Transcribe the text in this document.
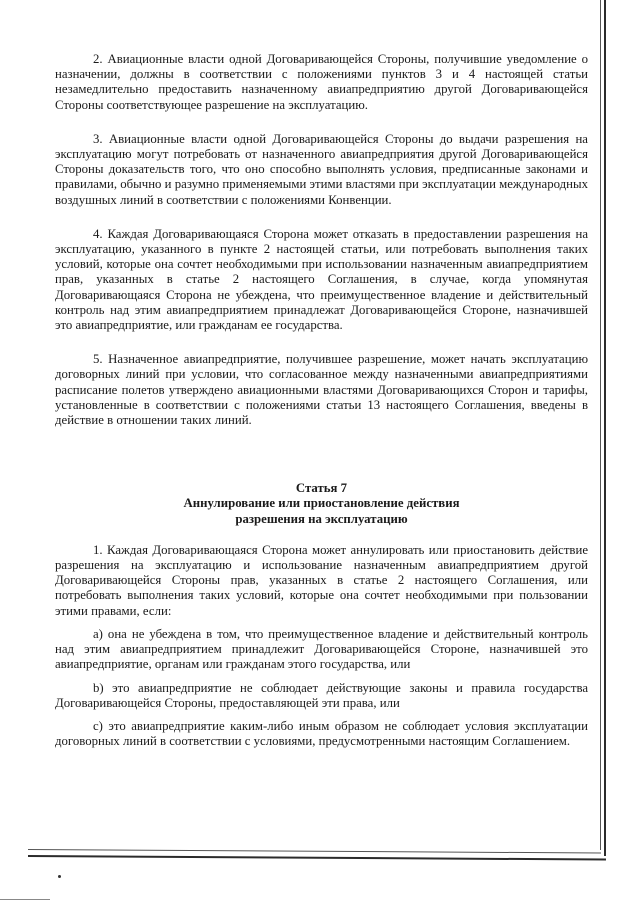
2. Авиационные власти одной Договаривающейся Стороны, получившие уведомление о назначении, должны в соответствии с положениями пунктов 3 и 4 настоящей статьи незамедлительно предоставить назначенному авиапредприятию другой Договаривающейся Стороны соответствующее разрешение на эксплуатацию.

3. Авиационные власти одной Договаривающейся Стороны до выдачи разрешения на эксплуатацию могут потребовать от назначенного авиапредприятия другой Договаривающейся Стороны доказательств того, что оно способно выполнять условия, предписанные законами и правилами, обычно и разумно применяемыми этими властями при эксплуатации международных воздушных линий в соответствии с положениями Конвенции.

4. Каждая Договаривающаяся Сторона может отказать в предоставлении разрешения на эксплуатацию, указанного в пункте 2 настоящей статьи, или потребовать выполнения таких условий, которые она сочтет необходимыми при использовании назначенным авиапредприятием прав, указанных в статье 2 настоящего Соглашения, в случае, когда упомянутая Договаривающаяся Сторона не убеждена, что преимущественное владение и действительный контроль над этим авиапредприятием принадлежат Договаривающейся Стороне, назначившей это авиапредприятие, или гражданам ее государства.

5. Назначенное авиапредприятие, получившее разрешение, может начать эксплуатацию договорных линий при условии, что согласованное между назначенными авиапредприятиями расписание полетов утверждено авиационными властями Договаривающихся Сторон и тарифы, установленные в соответствии с положениями статьи 13 настоящего Соглашения, введены в действие в отношении таких линий.

Статья 7

Аннулирование или приостановление действия

разрешения на эксплуатацию

1. Каждая Договаривающаяся Сторона может аннулировать или приостановить действие разрешения на эксплуатацию и использование назначенным авиапредприятием другой Договаривающейся Стороны прав, указанных в статье 2 настоящего Соглашения, или потребовать выполнения таких условий, которые она сочтет необходимыми при пользовании этими правами, если:

а) она не убеждена в том, что преимущественное владение и действительный контроль над этим авиапредприятием принадлежит Договаривающейся Стороне, назначившей это авиапредприятие, органам или гражданам этого государства, или

b) это авиапредприятие не соблюдает действующие законы и правила государства Договаривающейся Стороны, предоставляющей эти права, или

c) это авиапредприятие каким-либо иным образом не соблюдает условия эксплуатации договорных линий в соответствии с условиями, предусмотренными настоящим Соглашением.
